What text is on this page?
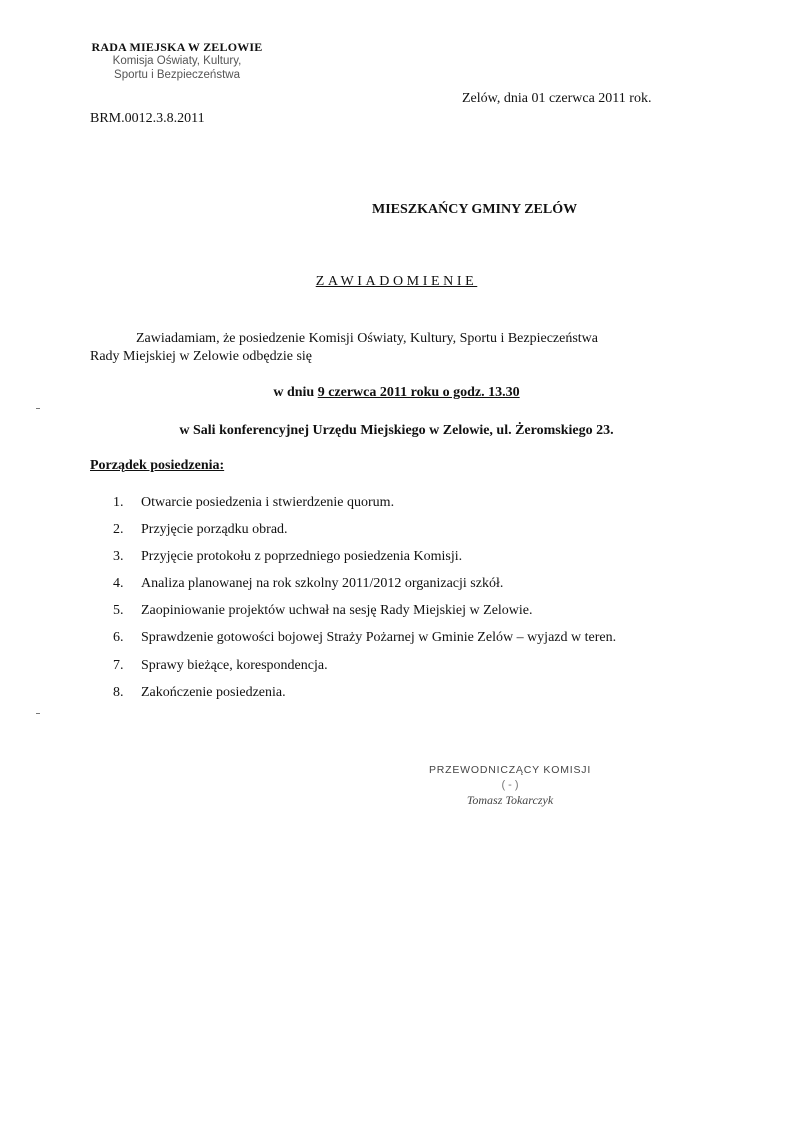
RADA MIEJSKA W ZELOWIE
Komisja Oświaty, Kultury,
Sportu i Bezpieczeństwa
Zelów, dnia 01 czerwca 2011 rok.
BRM.0012.3.8.2011
MIESZKAŃCY GMINY ZELÓW
ZAWIADOMIENIE
Zawiadamiam, że posiedzenie Komisji Oświaty, Kultury, Sportu i Bezpieczeństwa
Rady Miejskiej w Zelowie odbędzie się
w dniu 9 czerwca 2011 roku o godz. 13.30
w Sali konferencyjnej Urzędu Miejskiego w Zelowie, ul. Żeromskiego 23.
Porządek posiedzenia:
1. Otwarcie posiedzenia i stwierdzenie quorum.
2. Przyjęcie porządku obrad.
3. Przyjęcie protokołu z poprzedniego posiedzenia Komisji.
4. Analiza planowanej na rok szkolny 2011/2012 organizacji szkół.
5. Zaopiniowanie projektów uchwał na sesję Rady Miejskiej w Zelowie.
6. Sprawdzenie gotowości bojowej Straży Pożarnej w Gminie Zelów – wyjazd w teren.
7. Sprawy bieżące, korespondencja.
8. Zakończenie posiedzenia.
PRZEWODNICZĄCY KOMISJI
( - )
Tomasz Tokarczyk
